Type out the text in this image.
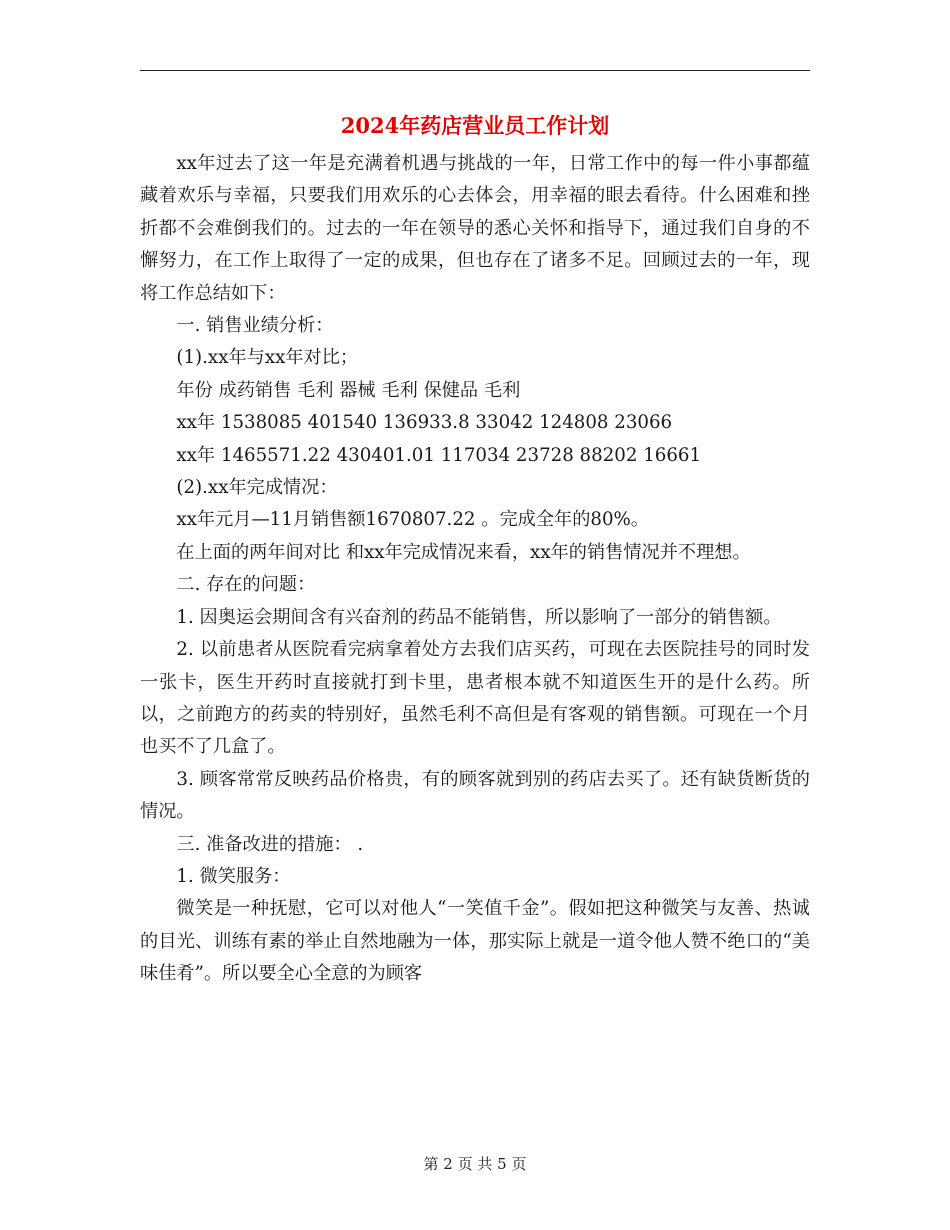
2024年药店营业员工作计划

xx年过去了这一年是充满着机遇与挑战的一年，日常工作中的每一件小事都蕴藏着欢乐与幸福，只要我们用欢乐的心去体会，用幸福的眼去看待。什么困难和挫折都不会难倒我们的。过去的一年在领导的悉心关怀和指导下，通过我们自身的不懈努力，在工作上取得了一定的成果，但也存在了诸多不足。回顾过去的一年，现将工作总结如下：

一. 销售业绩分析：

(1).xx年与xx年对比；

年份 成药销售 毛利 器械 毛利 保健品 毛利

xx年 1538085 401540 136933.8 33042 124808 23066

xx年 1465571.22 430401.01 117034 23728 88202 16661

(2).xx年完成情况：

xx年元月—11月销售额1670807.22 。完成全年的80%。

在上面的两年间对比 和xx年完成情况来看，xx年的销售情况并不理想。

二. 存在的问题：

1. 因奥运会期间含有兴奋剂的药品不能销售，所以影响了一部分的销售额。

2. 以前患者从医院看完病拿着处方去我们店买药，可现在去医院挂号的同时发一张卡，医生开药时直接就打到卡里，患者根本就不知道医生开的是什么药。所以，之前跑方的药卖的特别好，虽然毛利不高但是有客观的销售额。可现在一个月也买不了几盒了。

3. 顾客常常反映药品价格贵，有的顾客就到别的药店去买了。还有缺货断货的情况。

三. 准备改进的措施： .

1. 微笑服务：

微笑是一种抚慰，它可以对他人“一笑值千金”。假如把这种微笑与友善、热诚的目光、训练有素的举止自然地融为一体，那实际上就是一道令他人赞不绝口的“美味佳肴”。所以要全心全意的为顾客

第 2 页 共 5 页
